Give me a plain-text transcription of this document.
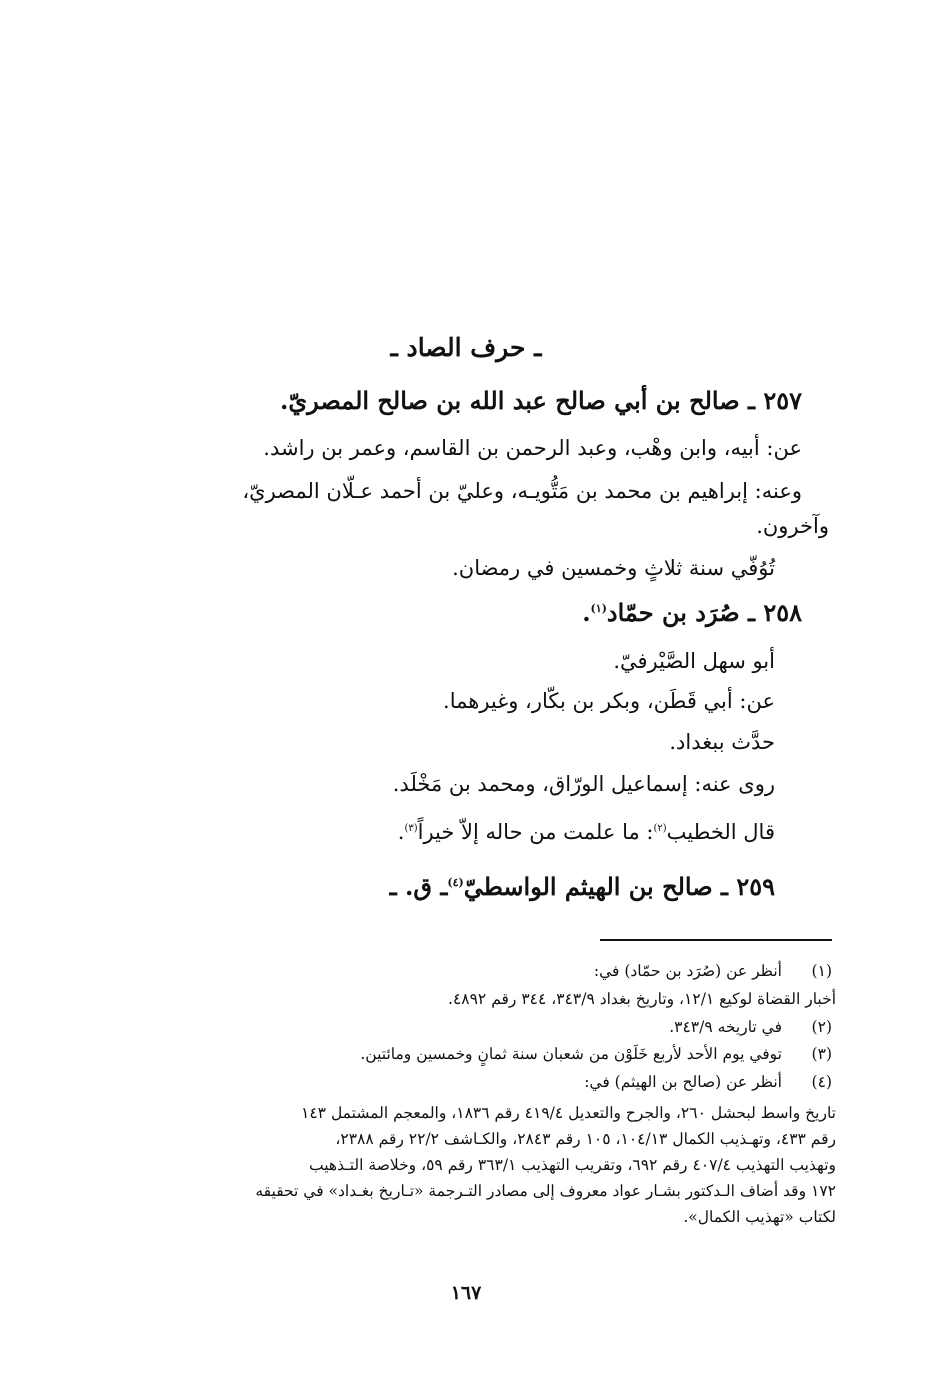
ـ حرف الصاد ـ
٢٥٧ ـ صالح بن أبي صالح عبد الله بن صالح المصريّ.
عن: أبيه، وابن وهْب، وعبد الرحمن بن القاسم، وعمر بن راشد.
وعنه: إبراهيم بن محمد بن مَتُّويـه، وعليّ بن أحمد عـلّان المصريّ،
وآخرون.
تُوُفّي سنة ثلاثٍ وخمسين في رمضان.
٢٥٨ ـ صُرَد بن حمّاد$^{(١)}$.
أبو سهل الصَّيْرفيّ.
عن: أبي قَطَن، وبكر بن بكّار، وغيرهما.
حدَّث ببغداد.
روى عنه: إسماعيل الورّاق، ومحمد بن مَخْلَد.
قال الخطيب$^{(٢)}$: ما علمت من حاله إلاّ خيراً$^{(٣)}$.
٢٥٩ ـ صالح بن الهيثم الواسطيّ$^{(٤)}$ـ ق. ـ
(١)
أنظر عن (صُرَد بن حمّاد) في:
أخبار القضاة لوكيع ١٢/١، وتاريخ بغداد ٣٤٣/٩، ٣٤٤ رقم ٤٨٩٢.
(٢)
في تاريخه ٣٤٣/٩.
(٣)
توفي يوم الأحد لأربع خَلَوْن من شعبان سنة ثمانٍ وخمسين ومائتين.
(٤)
أنظر عن (صالح بن الهيثم) في:
تاريخ واسط لبحشل ٢٦٠، والجرح والتعديل ٤١٩/٤ رقم ١٨٣٦، والمعجم المشتمل ١٤٣
رقم ٤٣٣، وتهـذيب الكمال ١٠٤/١٣، ١٠٥ رقم ٢٨٤٣، والكـاشف ٢٢/٢ رقم ٢٣٨٨،
وتهذيب التهذيب ٤٠٧/٤ رقم ٦٩٢، وتقريب التهذيب ٣٦٣/١ رقم ٥٩، وخلاصة التـذهيب
١٧٢ وقد أضاف الـدكتور بشـار عواد معروف إلى مصادر التـرجمة «تـاريخ بغـداد» في تحقيقه
لكتاب «تهذيب الكمال».
١٦٧
